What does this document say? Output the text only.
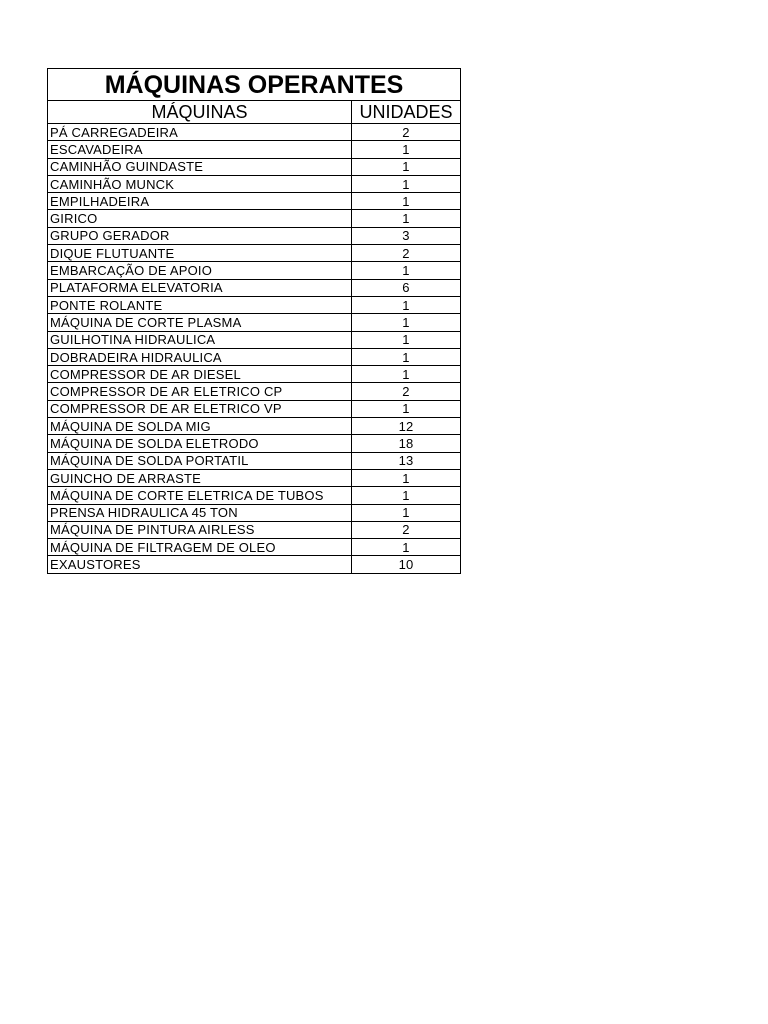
MÁQUINAS OPERANTES	
MÁQUINAS	UNIDADES
PÁ CARREGADEIRA	2
ESCAVADEIRA	1
CAMINHÃO GUINDASTE	1
CAMINHÃO MUNCK	1
EMPILHADEIRA	1
GIRICO	1
GRUPO GERADOR	3
DIQUE FLUTUANTE	2
EMBARCAÇÃO DE APOIO	1
PLATAFORMA ELEVATORIA	6
PONTE ROLANTE	1
MÁQUINA DE CORTE PLASMA	1
GUILHOTINA HIDRAULICA	1
DOBRADEIRA HIDRAULICA	1
COMPRESSOR DE AR DIESEL	1
COMPRESSOR DE AR ELETRICO CP	2
COMPRESSOR DE AR ELETRICO VP	1
MÁQUINA DE SOLDA MIG	12
MÁQUINA DE SOLDA ELETRODO	18
MÁQUINA DE SOLDA PORTATIL	13
GUINCHO DE ARRASTE	1
MÁQUINA DE CORTE ELETRICA DE TUBOS	1
PRENSA HIDRAULICA 45 TON	1
MÁQUINA DE PINTURA AIRLESS	2
MÁQUINA DE FILTRAGEM DE OLEO	1
EXAUSTORES	10
